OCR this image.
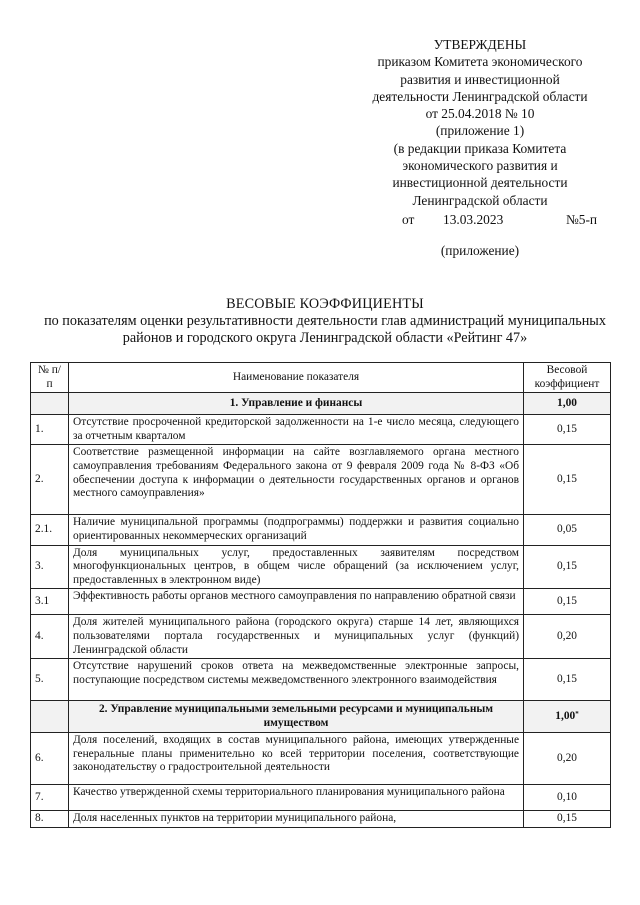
УТВЕРЖДЕНЫ
приказом Комитета экономического
развития и инвестиционной
деятельности Ленинградской области
от 25.04.2018 № 10
(приложение 1)
(в редакции приказа Комитета
экономического развития и
инвестиционной деятельности
Ленинградской области
от 13.03.2023	№5-п
(приложение)
ВЕСОВЫЕ КОЭФФИЦИЕНТЫ
по показателям оценки результативности деятельности глав администраций муниципальных районов и городского округа Ленинградской области «Рейтинг 47»
№ п/п	Наименование показателя	Весовой коэффициент
	1. Управление и финансы	1,00
1.	Отсутствие просроченной кредиторской задолженности на 1-е число месяца, следующего за отчетным кварталом	0,15
2.	Соответствие размещенной информации на сайте возглавляемого органа местного самоуправления требованиям Федерального закона от 9 февраля 2009 года № 8-ФЗ «Об обеспечении доступа к информации о деятельности государственных органов и органов местного самоуправления»	0,15
2.1.	Наличие муниципальной программы (подпрограммы) поддержки и развития социально ориентированных некоммерческих организаций	0,05
3.	Доля муниципальных услуг, предоставленных заявителям посредством многофункциональных центров, в общем числе обращений (за исключением услуг, предоставленных в электронном виде)	0,15
3.1	Эффективность работы органов местного самоуправления по направлению обратной связи	0,15
4.	Доля жителей муниципального района (городского округа) старше 14 лет, являющихся пользователями портала государственных и муниципальных услуг (функций) Ленинградской области	0,20
5.	Отсутствие нарушений сроков ответа на межведомственные электронные запросы, поступающие посредством системы межведомственного электронного взаимодействия	0,15
	2. Управление муниципальными земельными ресурсами и муниципальным имуществом	1,00*
6.	Доля поселений, входящих в состав муниципального района, имеющих утвержденные генеральные планы применительно ко всей территории поселения, соответствующие законодательству о градостроительной деятельности	0,20
7.	Качество утвержденной схемы территориального планирования муниципального района	0,10
8.	Доля населенных пунктов на территории муниципального района,	0,15
